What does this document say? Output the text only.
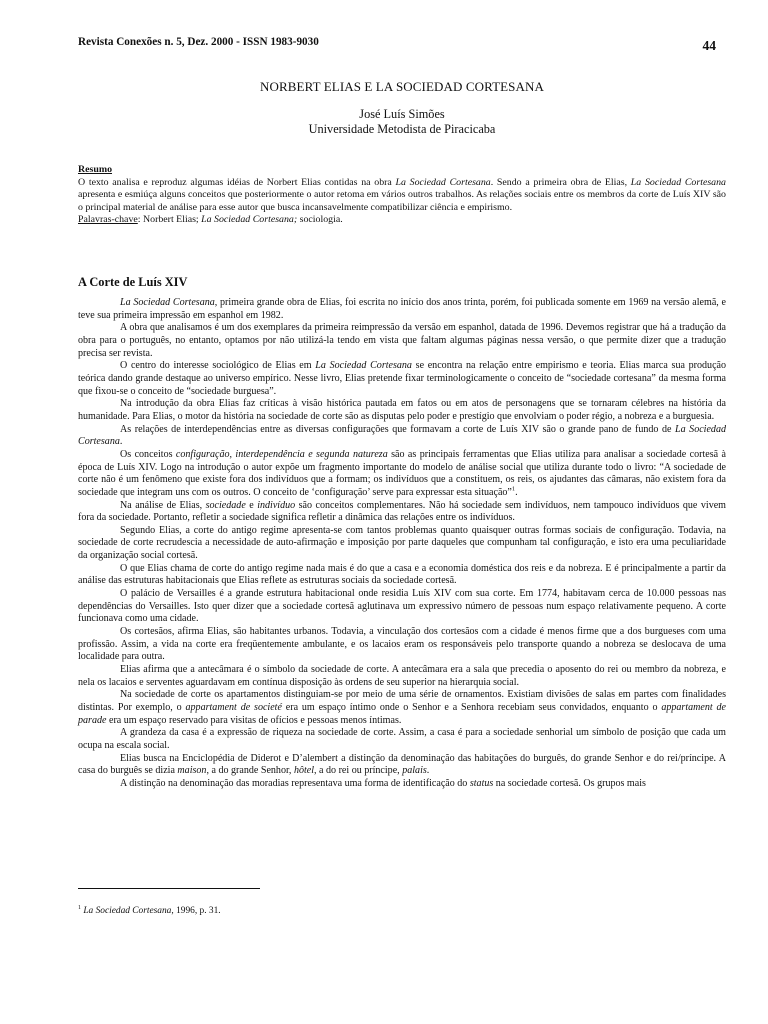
Revista Conexões n. 5, Dez. 2000 - ISSN 1983-9030	44
NORBERT ELIAS E LA SOCIEDAD CORTESANA
José Luís Simões
Universidade Metodista de Piracicaba
Resumo
O texto analisa e reproduz algumas idéias de Norbert Elias contidas na obra La Sociedad Cortesana. Sendo a primeira obra de Elias, La Sociedad Cortesana apresenta e esmiúça alguns conceitos que posteriormente o autor retoma em vários outros trabalhos. As relações sociais entre os membros da corte de Luís XIV são o principal material de análise para esse autor que busca incansavelmente compatibilizar ciência e empirismo.
Palavras-chave: Norbert Elias; La Sociedad Cortesana; sociologia.
A Corte de Luís XIV

La Sociedad Cortesana, primeira grande obra de Elias, foi escrita no início dos anos trinta, porém, foi publicada somente em 1969 na versão alemã, e teve sua primeira impressão em espanhol em 1982.

A obra que analisamos é um dos exemplares da primeira reimpressão da versão em espanhol, datada de 1996. Devemos registrar que há a tradução da obra para o português, no entanto, optamos por não utilizá-la tendo em vista que faltam algumas páginas nessa versão, o que permite dizer que a tradução precisa ser revista.

O centro do interesse sociológico de Elias em La Sociedad Cortesana se encontra na relação entre empirismo e teoria. Elias marca sua produção teórica dando grande destaque ao universo empírico. Nesse livro, Elias pretende fixar terminologicamente o conceito de “sociedade cortesana” da mesma forma que fixou-se o conceito de “sociedade burguesa”.

Na introdução da obra Elias faz críticas à visão histórica pautada em fatos ou em atos de personagens que se tornaram célebres na história da humanidade. Para Elias, o motor da história na sociedade de corte são as disputas pelo poder e prestígio que envolviam o poder régio, a nobreza e a burguesia.

As relações de interdependências entre as diversas configurações que formavam a corte de Luís XIV são o grande pano de fundo de La Sociedad Cortesana.

Os conceitos configuração, interdependência e segunda natureza são as principais ferramentas que Elias utiliza para analisar a sociedade cortesã à época de Luís XIV. Logo na introdução o autor expõe um fragmento importante do modelo de análise social que utiliza durante todo o livro: “A sociedade de corte não é um fenômeno que existe fora dos indivíduos que a formam; os indivíduos que a constituem, os reis, os ajudantes das câmaras, não existem fora da sociedade que integram uns com os outros. O conceito de ‘configuração’ serve para expressar esta situação”$^1$.

Na análise de Elias, sociedade e indivíduo são conceitos complementares. Não há sociedade sem indivíduos, nem tampouco indivíduos que vivem fora da sociedade. Portanto, refletir a sociedade significa refletir a dinâmica das relações entre os indivíduos.

Segundo Elias, a corte do antigo regime apresenta-se com tantos problemas quanto quaisquer outras formas sociais de configuração. Todavia, na sociedade de corte recrudescia a necessidade de auto-afirmação e imposição por parte daqueles que compunham tal configuração, e isto era uma peculiaridade da organização social cortesã.

O que Elias chama de corte do antigo regime nada mais é do que a casa e a economia doméstica dos reis e da nobreza. E é principalmente a partir da análise das estruturas habitacionais que Elias reflete as estruturas sociais da sociedade cortesã.

O palácio de Versailles é a grande estrutura habitacional onde residia Luís XIV com sua corte. Em 1774, habitavam cerca de 10.000 pessoas nas dependências do Versailles. Isto quer dizer que a sociedade cortesã aglutinava um expressivo número de pessoas num espaço relativamente pequeno. A corte funcionava como uma cidade.

Os cortesãos, afirma Elias, são habitantes urbanos. Todavia, a vinculação dos cortesãos com a cidade é menos firme que a dos burgueses com uma profissão. Assim, a vida na corte era freqüentemente ambulante, e os lacaios eram os responsáveis pelo transporte quando a nobreza se deslocava de uma localidade para outra.

Elias afirma que a antecâmara é o símbolo da sociedade de corte. A antecâmara era a sala que precedia o aposento do rei ou membro da nobreza, e nela os lacaios e serventes aguardavam em contínua disposição às ordens de seu superior na hierarquia social.

Na sociedade de corte os apartamentos distinguiam-se por meio de uma série de ornamentos. Existiam divisões de salas em partes com finalidades distintas. Por exemplo, o appartament de societé era um espaço íntimo onde o Senhor e a Senhora recebiam seus convidados, enquanto o appartament de parade era um espaço reservado para visitas de ofícios e pessoas menos íntimas.

A grandeza da casa é a expressão de riqueza na sociedade de corte. Assim, a casa é para a sociedade senhorial um símbolo de posição que cada um ocupa na escala social.

Elias busca na Enciclopédia de Diderot e D’alembert a distinção da denominação das habitações do burguês, do grande Senhor e do rei/príncipe. A casa do burguês se dizia maison, a do grande Senhor, hôtel, a do rei ou príncipe, palais.

A distinção na denominação das moradias representava uma forma de identificação do status na sociedade cortesã. Os grupos mais

$^1$ La Sociedad Cortesana, 1996, p. 31.
